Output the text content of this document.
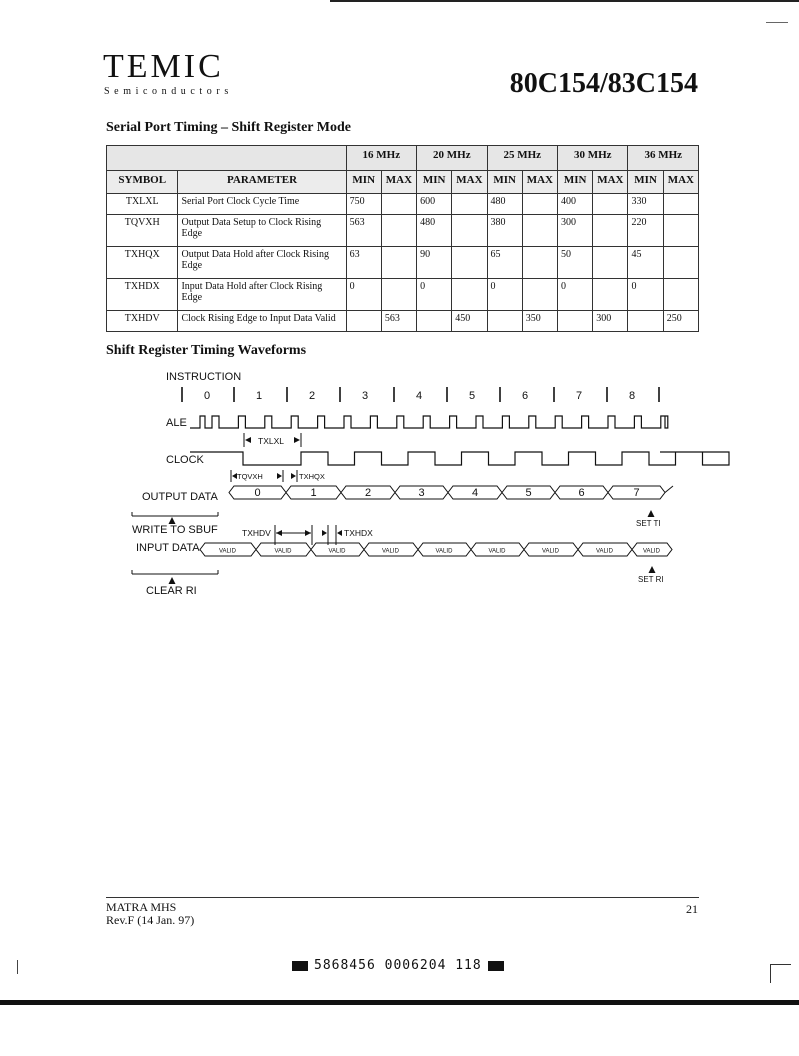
TEMIC
Semiconductors	80C154/83C154
Serial Port Timing – Shift Register Mode
		16 MHz		20 MHz		25 MHz		30 MHz		36 MHz	
SYMBOL	PARAMETER	MIN	MAX	MIN	MAX	MIN	MAX	MIN	MAX	MIN	MAX
TXLXL	Serial Port Clock Cycle Time	750		600		480		400		330	
TQVXH	Output Data Setup to Clock Rising Edge	563		480		380		300		220	
TXHQX	Output Data Hold after Clock Rising Edge	63		90		65		50		45	
TXHDX	Input Data Hold after Clock Rising Edge	0		0		0		0		0	
TXHDV	Clock Rising Edge to Input Data Valid		563		450		350		300		250
Shift Register Timing Waveforms
INSTRUCTION
0	1	2	3	4	5	6	7	8
ALE
CLOCK
TXLXL
TQVXH	TXHQX
OUTPUT DATA	0	1	2	3	4	5	6	7
WRITE TO SBUF	TXHDV	TXHDX
INPUT DATA	VALID	VALID	VALID	VALID	VALID	VALID	VALID	VALID	VALID
SET TI
SET RI
CLEAR RI
MATRA MHS
Rev.F (14 Jan. 97)
21
5868456 0006204 118
